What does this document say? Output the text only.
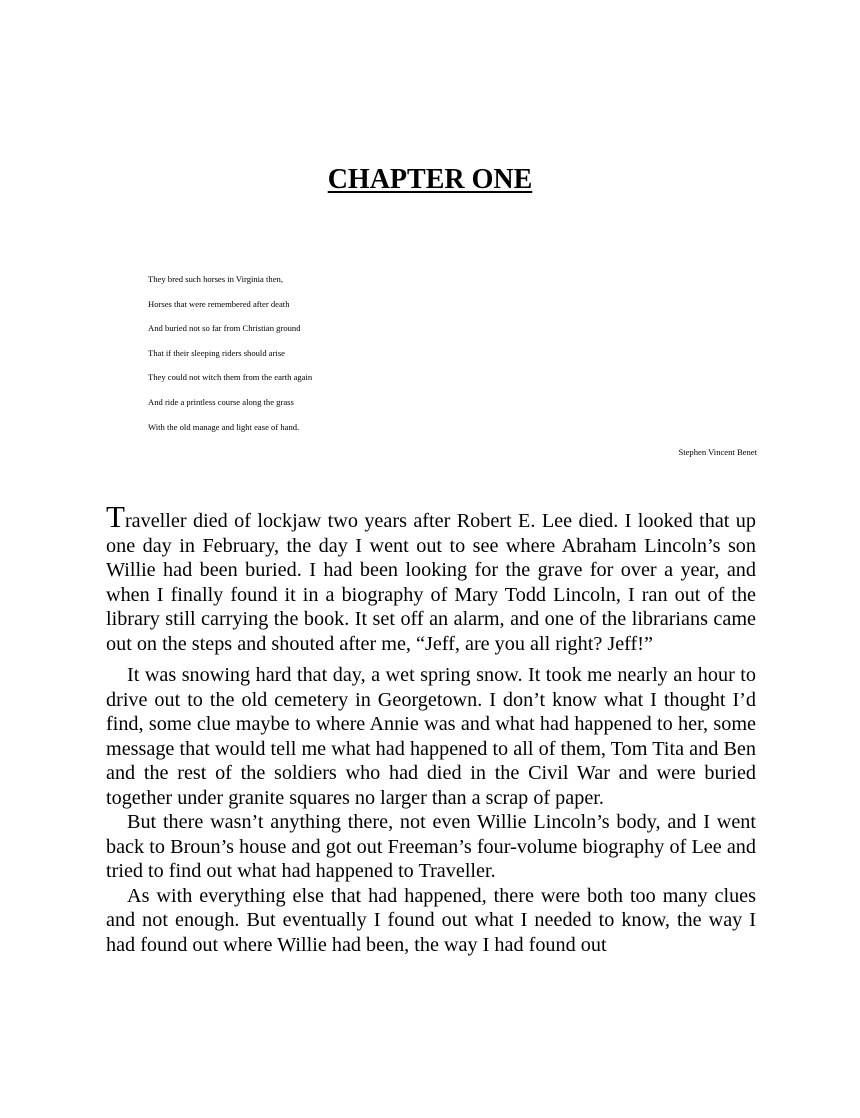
CHAPTER ONE
They bred such horses in Virginia then,
Horses that were remembered after death
And buried not so far from Christian ground
That if their sleeping riders should arise
They could not witch them from the earth again
And ride a printless course along the grass
With the old manage and light ease of hand.

Stephen Vincent Benet

Traveller died of lockjaw two years after Robert E. Lee died. I looked that up one day in February, the day I went out to see where Abraham Lincoln’s son Willie had been buried. I had been looking for the grave for over a year, and when I finally found it in a biography of Mary Todd Lincoln, I ran out of the library still carrying the book. It set off an alarm, and one of the librarians came out on the steps and shouted after me, “Jeff, are you all right? Jeff!”

It was snowing hard that day, a wet spring snow. It took me nearly an hour to drive out to the old cemetery in Georgetown. I don’t know what I thought I’d find, some clue maybe to where Annie was and what had happened to her, some message that would tell me what had happened to all of them, Tom Tita and Ben and the rest of the soldiers who had died in the Civil War and were buried together under granite squares no larger than a scrap of paper.

But there wasn’t anything there, not even Willie Lincoln’s body, and I went back to Broun’s house and got out Freeman’s four-volume biography of Lee and tried to find out what had happened to Traveller.

As with everything else that had happened, there were both too many clues and not enough. But eventually I found out what I needed to know, the way I had found out where Willie had been, the way I had found out
